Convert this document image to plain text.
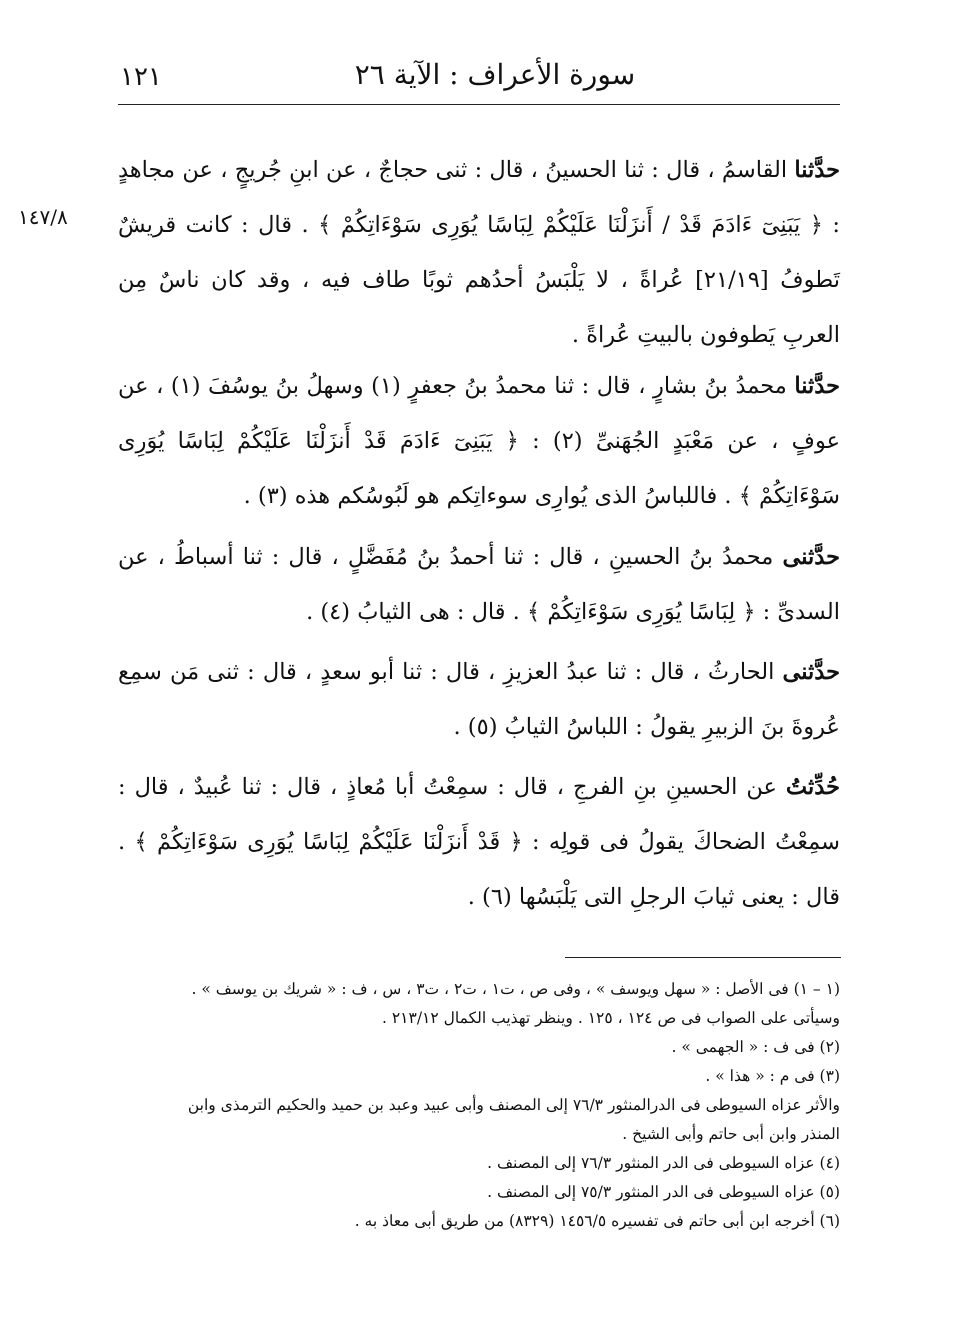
١٢١	سورة الأعراف : الآية ٢٦
١٤٧/٨

حدَّثنا القاسمُ ، قال : ثنا الحسينُ ، قال : ثنى حجاجٌ ، عن ابنِ جُريجٍ ، عن مجاهدٍ : ﴿ يَبَنِىٓ ءَادَمَ قَدْ / أَنزَلْنَا عَلَيْكُمْ لِبَاسًا يُوَرِى سَوْءَاتِكُمْ ﴾ . قال : كانت قريشٌ تَطوفُ [٢١/١٩] عُراةً ، لا يَلْبَسُ أحدُهم ثوبًا طاف فيه ، وقد كان ناسٌ مِن العربِ يَطوفون بالبيتِ عُراةً .

حدَّثنا محمدُ بنُ بشارٍ ، قال : ثنا محمدُ بنُ جعفرٍ (١) وسهلُ بنُ يوسُفَ (١) ، عن عوفٍ ، عن مَعْبَدٍ الجُهَنىِّ (٢) : ﴿ يَبَنِىٓ ءَادَمَ قَدْ أَنزَلْنَا عَلَيْكُمْ لِبَاسًا يُوَرِى سَوْءَاتِكُمْ ﴾ . فاللباسُ الذى يُوارِى سوءاتِكم هو لَبُوسُكم هذه (٣) .

حدَّثنى محمدُ بنُ الحسينِ ، قال : ثنا أحمدُ بنُ مُفَضَّلٍ ، قال : ثنا أسباطُ ، عن السدىِّ : ﴿ لِبَاسًا يُوَرِى سَوْءَاتِكُمْ ﴾ . قال : هى الثيابُ (٤) .

حدَّثنى الحارثُ ، قال : ثنا عبدُ العزيزِ ، قال : ثنا أبو سعدٍ ، قال : ثنى مَن سمِع عُروةَ بنَ الزبيرِ يقولُ : اللباسُ الثيابُ (٥) .

حُدِّثتُ عن الحسينِ بنِ الفرجِ ، قال : سمِعْتُ أبا مُعاذٍ ، قال : ثنا عُبيدٌ ، قال : سمِعْتُ الضحاكَ يقولُ فى قولِه : ﴿ قَدْ أَنزَلْنَا عَلَيْكُمْ لِبَاسًا يُوَرِى سَوْءَاتِكُمْ ﴾ . قال : يعنى ثيابَ الرجلِ التى يَلْبَسُها (٦) .

(١ – ١) فى الأصل : « سهل ويوسف » ، وفى ص ، ت١ ، ت٢ ، ت٣ ، س ، ف : « شريك بن يوسف » .

وسيأتى على الصواب فى ص ١٢٤ ، ١٢٥ . وينظر تهذيب الكمال ٢١٣/١٢ .

(٢) فى ف : « الجهمى » .

(٣) فى م : « هذا » .

والأثر عزاه السيوطى فى الدرالمنثور ٧٦/٣ إلى المصنف وأبى عبيد وعبد بن حميد والحكيم الترمذى وابن

المنذر وابن أبى حاتم وأبى الشيخ .

(٤) عزاه السيوطى فى الدر المنثور ٧٦/٣ إلى المصنف .

(٥) عزاه السيوطى فى الدر المنثور ٧٥/٣ إلى المصنف .

(٦) أخرجه ابن أبى حاتم فى تفسيره ١٤٥٦/٥ (٨٣٢٩) من طريق أبى معاذ به .
